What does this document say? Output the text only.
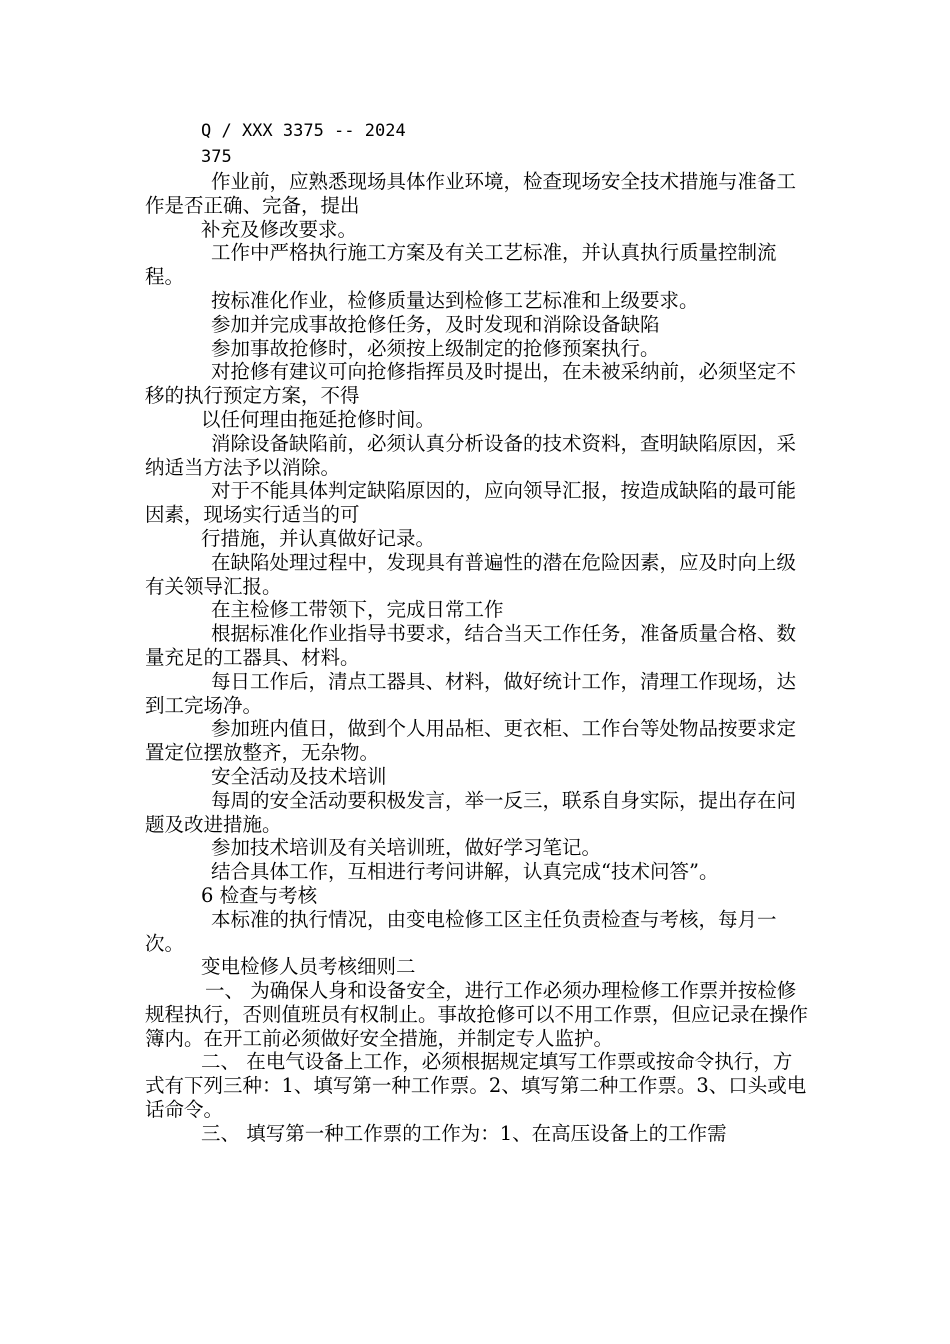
Q / XXX 3375 -- 2024

375

作业前，应熟悉现场具体作业环境，检查现场安全技术措施与准备工作是否正确、完备，提出

补充及修改要求。

工作中严格执行施工方案及有关工艺标准，并认真执行质量控制流程。

按标准化作业，检修质量达到检修工艺标准和上级要求。

参加并完成事故抢修任务，及时发现和消除设备缺陷

参加事故抢修时，必须按上级制定的抢修预案执行。

对抢修有建议可向抢修指挥员及时提出，在未被采纳前，必须坚定不移的执行预定方案，不得

以任何理由拖延抢修时间。

消除设备缺陷前，必须认真分析设备的技术资料，查明缺陷原因，采纳适当方法予以消除。

对于不能具体判定缺陷原因的，应向领导汇报，按造成缺陷的最可能因素，现场实行适当的可

行措施，并认真做好记录。

在缺陷处理过程中，发现具有普遍性的潜在危险因素，应及时向上级有关领导汇报。

在主检修工带领下，完成日常工作

根据标准化作业指导书要求，结合当天工作任务，准备质量合格、数量充足的工器具、材料。

每日工作后，清点工器具、材料，做好统计工作，清理工作现场，达到工完场净。

参加班内值日，做到个人用品柜、更衣柜、工作台等处物品按要求定置定位摆放整齐，无杂物。

安全活动及技术培训

每周的安全活动要积极发言，举一反三，联系自身实际，提出存在问题及改进措施。

参加技术培训及有关培训班，做好学习笔记。

结合具体工作，互相进行考问讲解，认真完成“技术问答”。

6 检查与考核

本标准的执行情况，由变电检修工区主任负责检查与考核，每月一次。

变电检修人员考核细则二

一、 为确保人身和设备安全，进行工作必须办理检修工作票并按检修规程执行，否则值班员有权制止。事故抢修可以不用工作票，但应记录在操作簿内。在开工前必须做好安全措施，并制定专人监护。

二、 在电气设备上工作，必须根据规定填写工作票或按命令执行，方式有下列三种：1、填写第一种工作票。2、填写第二种工作票。3、口头或电话命令。

三、 填写第一种工作票的工作为：1、在高压设备上的工作需
